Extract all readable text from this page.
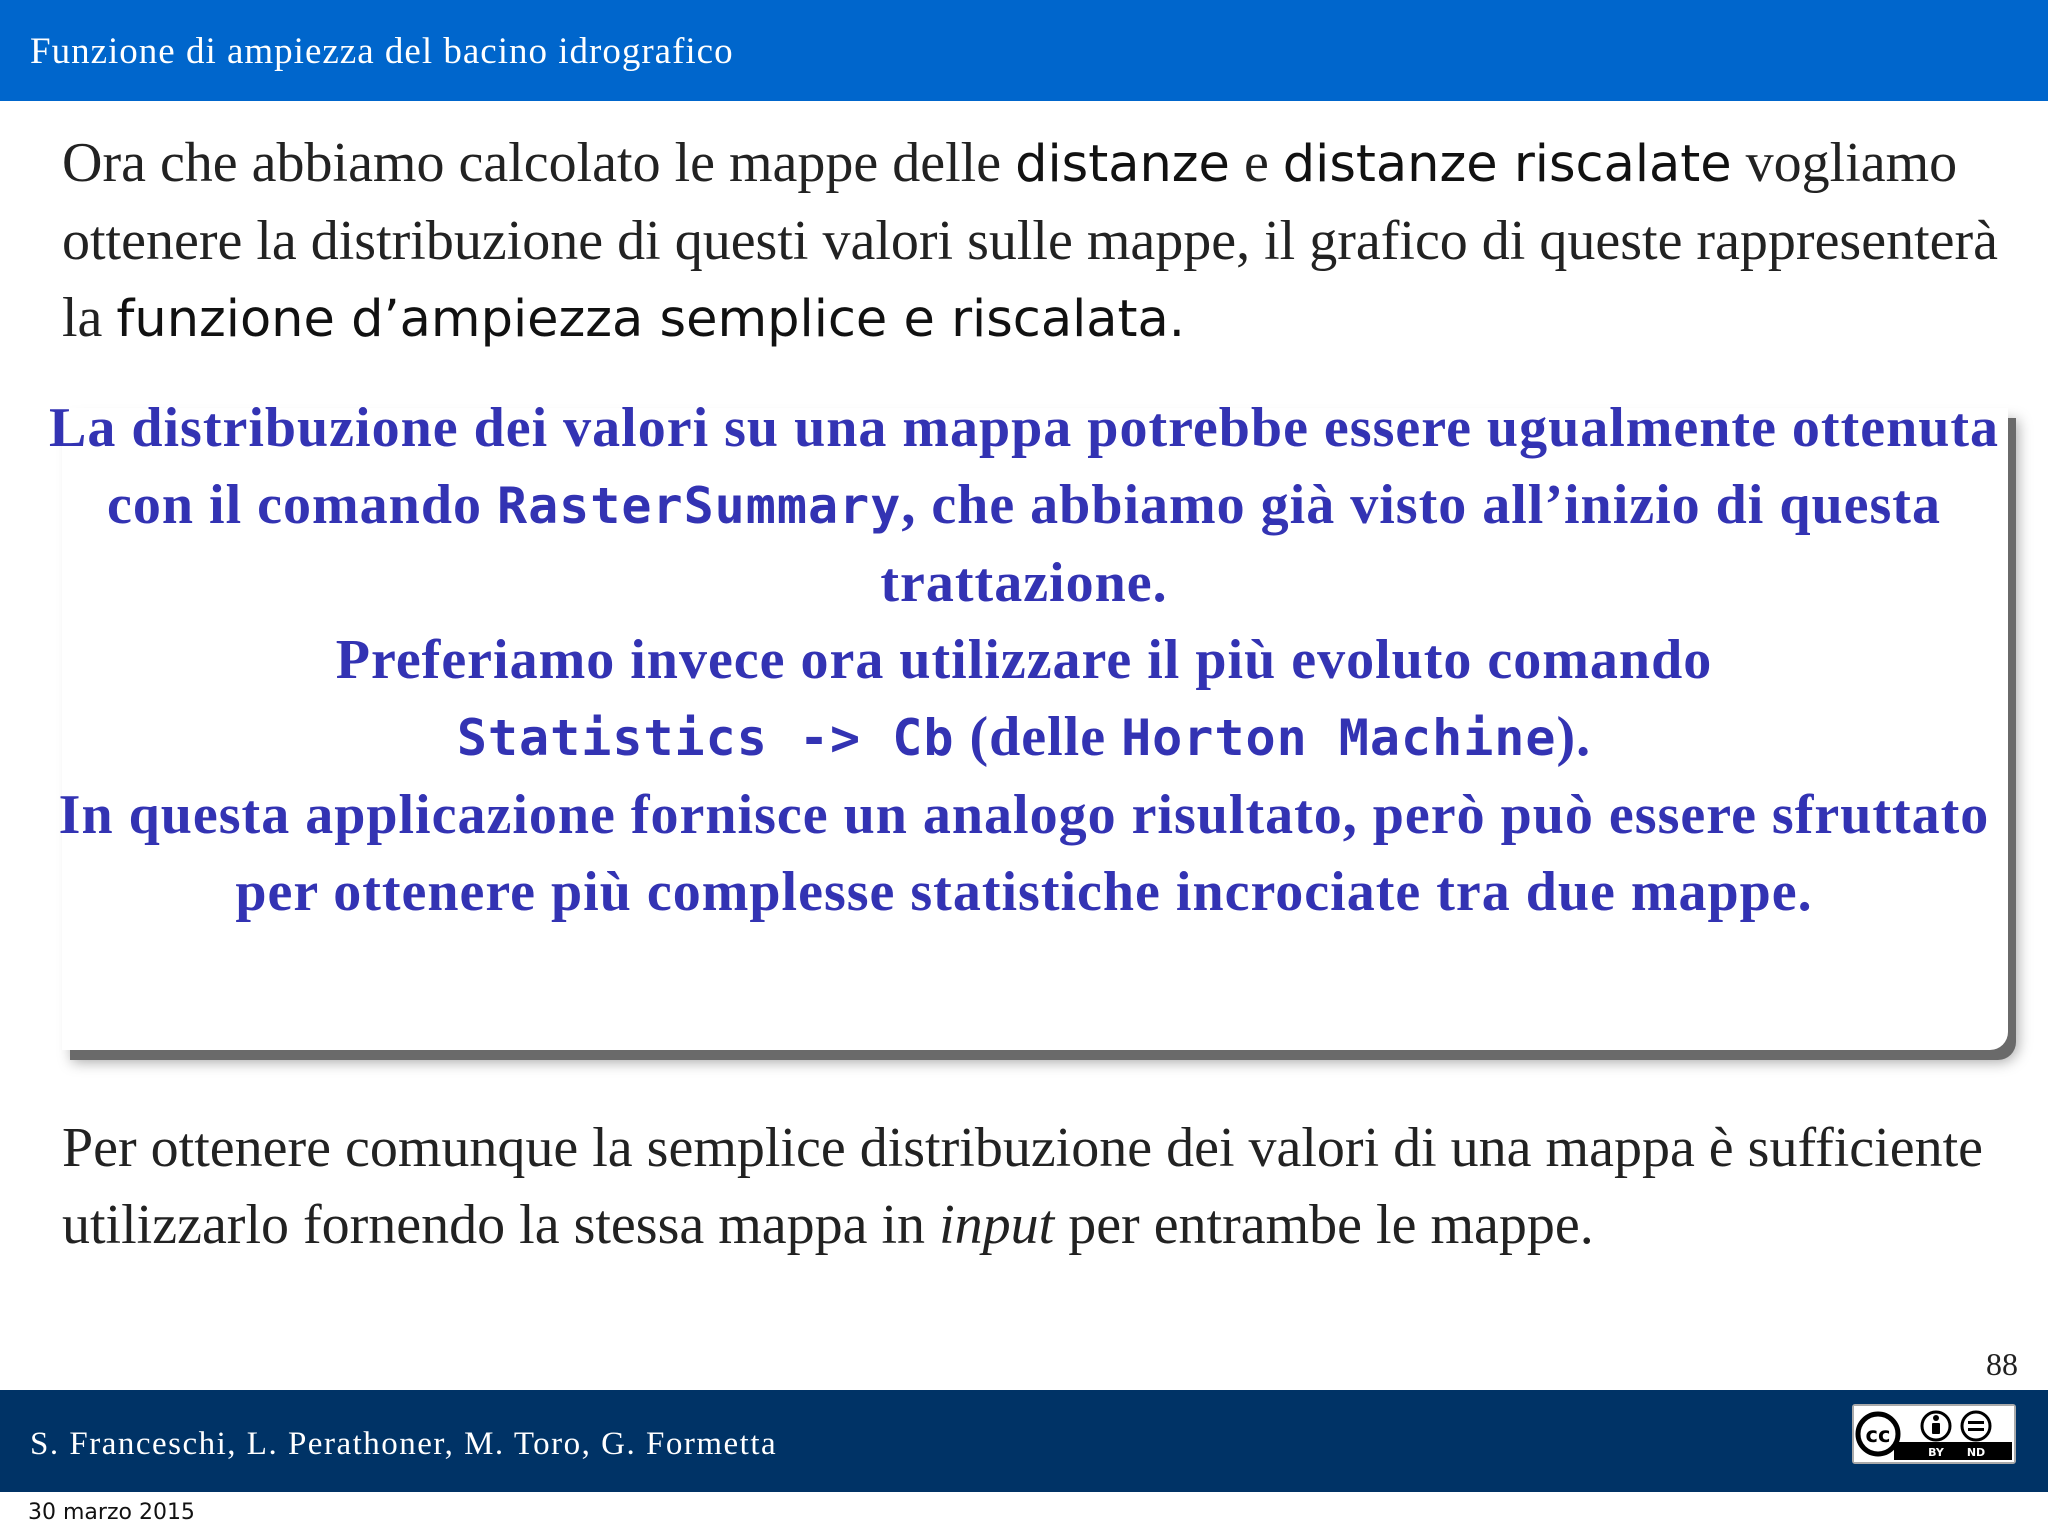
Funzione di ampiezza del bacino idrografico
Ora che abbiamo calcolato le mappe delle distanze e distanze riscalate vogliamo ottenere la distribuzione di questi valori sulle mappe, il grafico di queste rappresenterà la funzione d’ampiezza semplice e riscalata.
La distribuzione dei valori su una mappa potrebbe essere ugualmente ottenuta con il comando RasterSummary, che abbiamo già visto all’inizio di questa trattazione.
Preferiamo invece ora utilizzare il più evoluto comando
Statistics -> Cb (delle Horton Machine).
In questa applicazione fornisce un analogo risultato, però può essere sfruttato per ottenere più complesse statistiche incrociate tra due mappe.
Per ottenere comunque la semplice distribuzione dei valori di una mappa è sufficiente utilizzarlo fornendo la stessa mappa in input per entrambe le mappe.
88
S. Franceschi, L. Perathoner, M. Toro, G. Formetta	cc
BY ND
30 marzo 2015
